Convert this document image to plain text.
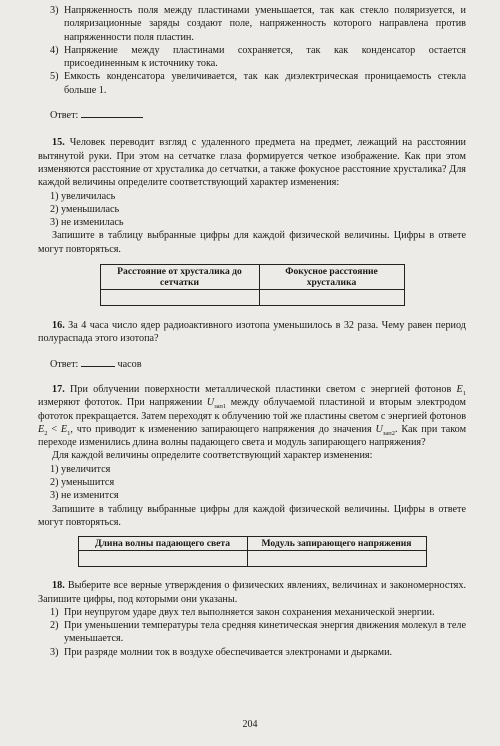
3) Напряженность поля между пластинами уменьшается, так как стекло поляризуется, и поляризационные заряды создают поле, напряженность которого направлена против напряженности поля пластин.
4) Напряжение между пластинами сохраняется, так как конденсатор остается присоединенным к источнику тока.
5) Емкость конденсатора увеличивается, так как диэлектрическая проницаемость стекла больше 1.

Ответ:

15. Человек переводит взгляд с удаленного предмета на предмет, лежащий на расстоянии вытянутой руки. При этом на сетчатке глаза формируется четкое изображение. Как при этом изменяются расстояние от хрусталика до сетчатки, а также фокусное расстояние хрусталика? Для каждой величины определите соответствующий характер изменения:

1) увеличилась
2) уменьшилась
3) не изменилась

Запишите в таблицу выбранные цифры для каждой физической величины. Цифры в ответе могут повторяться.

Расстояние от хрусталика до сетчатки	Фокусное расстояние хрусталика

16. За 4 часа число ядер радиоактивного изотопа уменьшилось в 32 раза. Чему равен период полураспада этого изотопа?

Ответ:	часов

17. При облучении поверхности металлической пластинки светом с энергией фотонов $E_1$ измеряют фототок. При напряжении $U_{зап1}$ между облучаемой пластиной и вторым электродом фототок прекращается. Затем переходят к облучению той же пластины светом с энергией фотонов $E_2 < E_1$, что приводит к изменению запирающего напряжения до значения $U_{зап2}$. Как при таком переходе изменились длина волны падающего света и модуль запирающего напряжения?

Для каждой величины определите соответствующий характер изменения:

1) увеличится
2) уменьшится
3) не изменится

Запишите в таблицу выбранные цифры для каждой физической величины. Цифры в ответе могут повторяться.

Длина волны падающего света	Модуль запирающего напряжения

18. Выберите все верные утверждения о физических явлениях, величинах и закономерностях. Запишите цифры, под которыми они указаны.

1) При неупругом ударе двух тел выполняется закон сохранения механической энергии.
2) При уменьшении температуры тела средняя кинетическая энергия движения молекул в теле уменьшается.
3) При разряде молнии ток в воздухе обеспечивается электронами и дырками.
204
